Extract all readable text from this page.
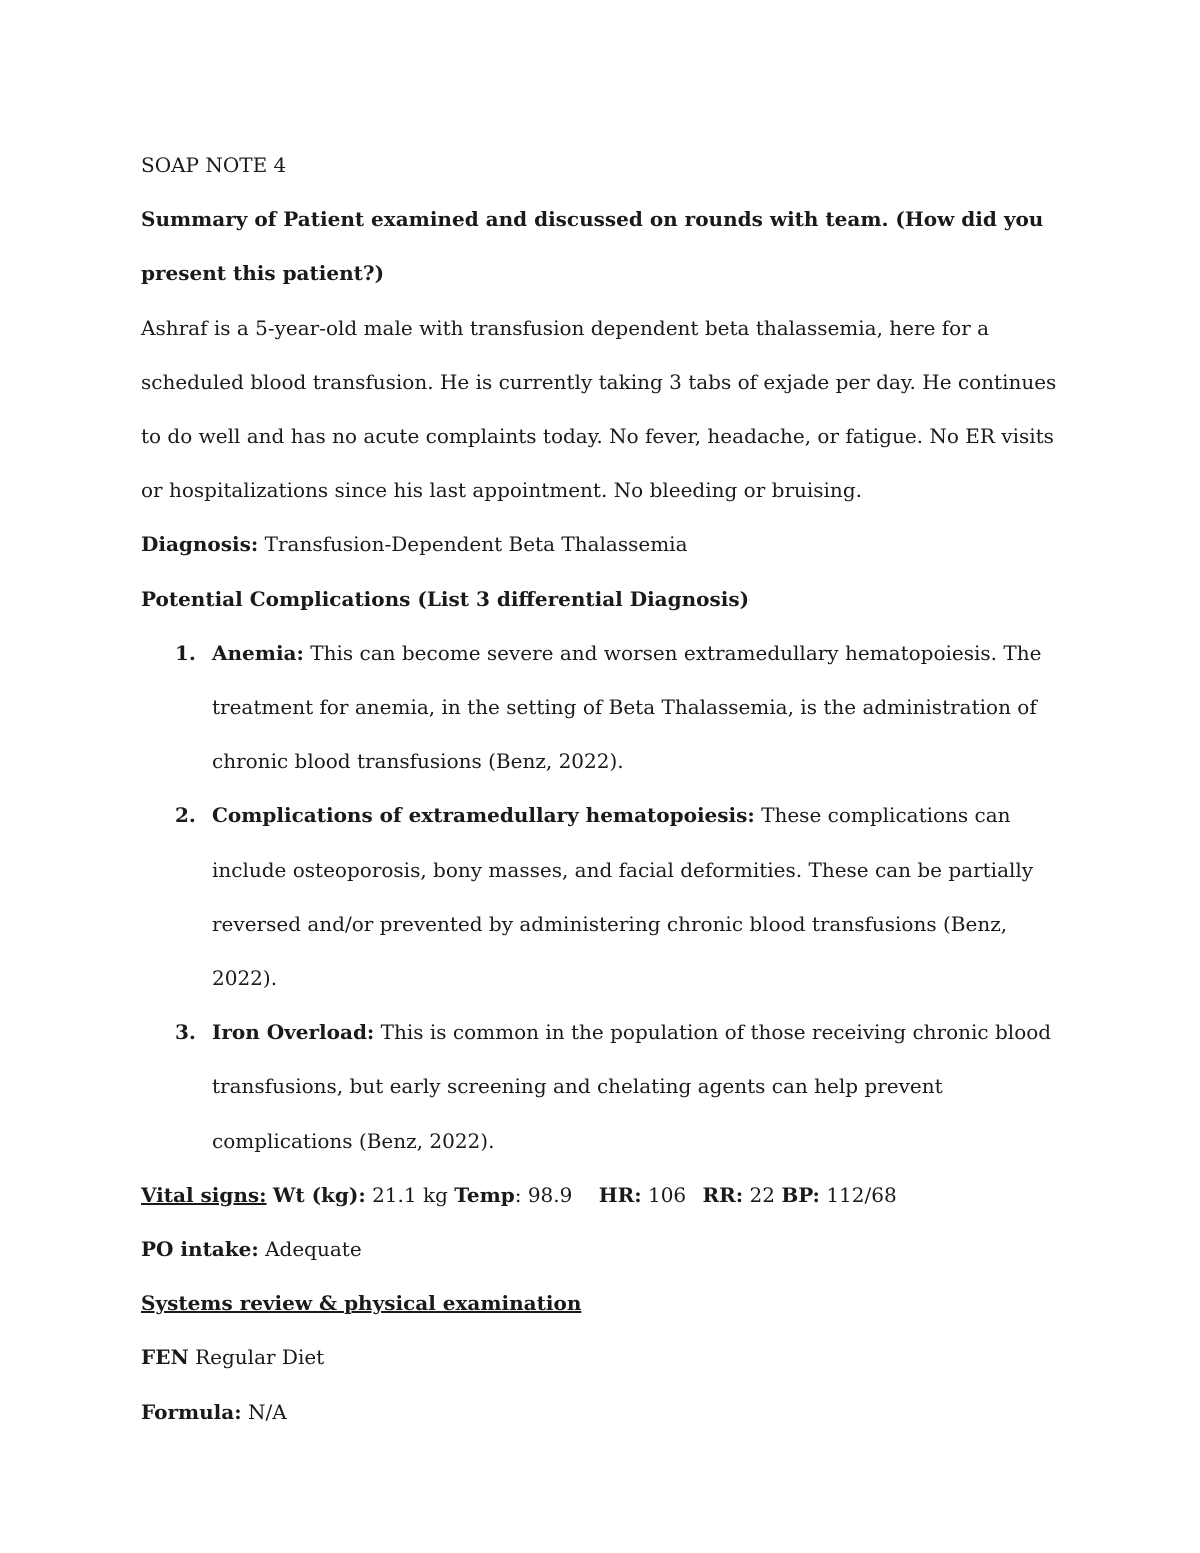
SOAP NOTE 4

Summary of Patient examined and discussed on rounds with team. (How did you present this patient?)

Ashraf is a 5-year-old male with transfusion dependent beta thalassemia, here for a scheduled blood transfusion. He is currently taking 3 tabs of exjade per day. He continues to do well and has no acute complaints today. No fever, headache, or fatigue. No ER visits or hospitalizations since his last appointment. No bleeding or bruising.

Diagnosis: Transfusion-Dependent Beta Thalassemia

Potential Complications (List 3 differential Diagnosis)

1. Anemia: This can become severe and worsen extramedullary hematopoiesis. The treatment for anemia, in the setting of Beta Thalassemia, is the administration of chronic blood transfusions (Benz, 2022).
2. Complications of extramedullary hematopoiesis: These complications can include osteoporosis, bony masses, and facial deformities. These can be partially reversed and/or prevented by administering chronic blood transfusions (Benz, 2022).
3. Iron Overload: This is common in the population of those receiving chronic blood transfusions, but early screening and chelating agents can help prevent complications (Benz, 2022).

Vital signs: Wt (kg): 21.1 kg Temp: 98.9 HR: 106 RR: 22 BP: 112/68

PO intake: Adequate

Systems review & physical examination

FEN Regular Diet

Formula: N/A
